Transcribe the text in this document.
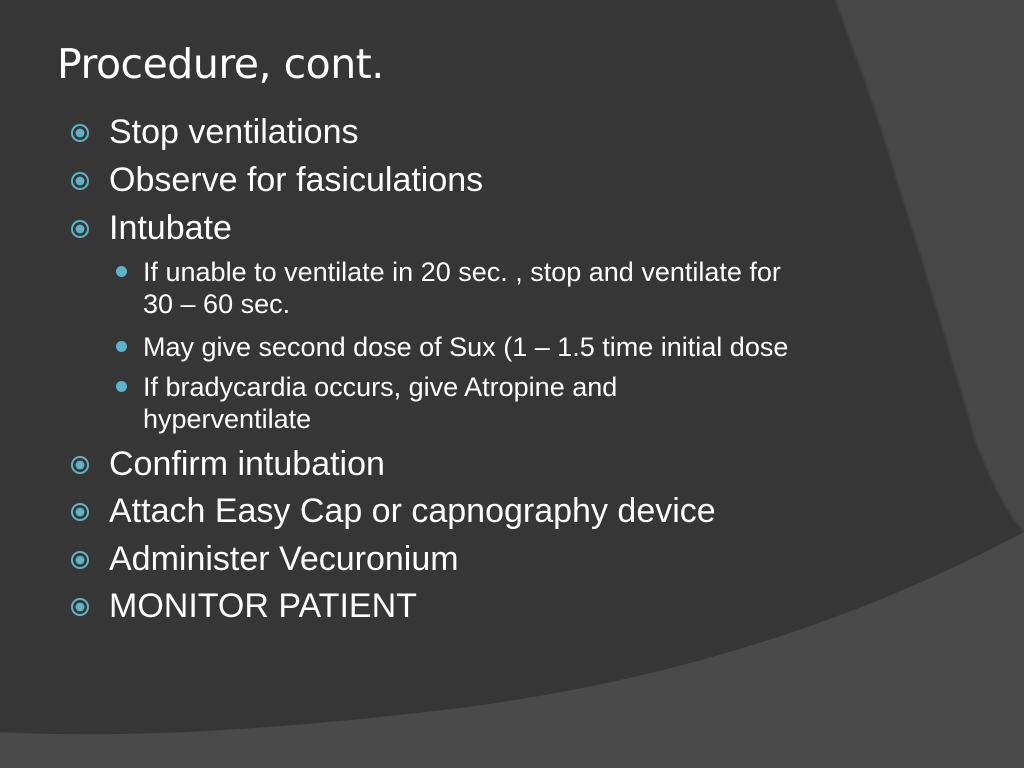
Procedure, cont.
Stop ventilations
Observe for fasiculations
Intubate
If unable to ventilate in 20 sec. , stop and ventilate for
30 – 60 sec.
May give second dose of Sux (1 – 1.5 time initial dose
If bradycardia occurs, give Atropine and
hyperventilate
Confirm intubation
Attach Easy Cap or capnography device
Administer Vecuronium
MONITOR PATIENT
